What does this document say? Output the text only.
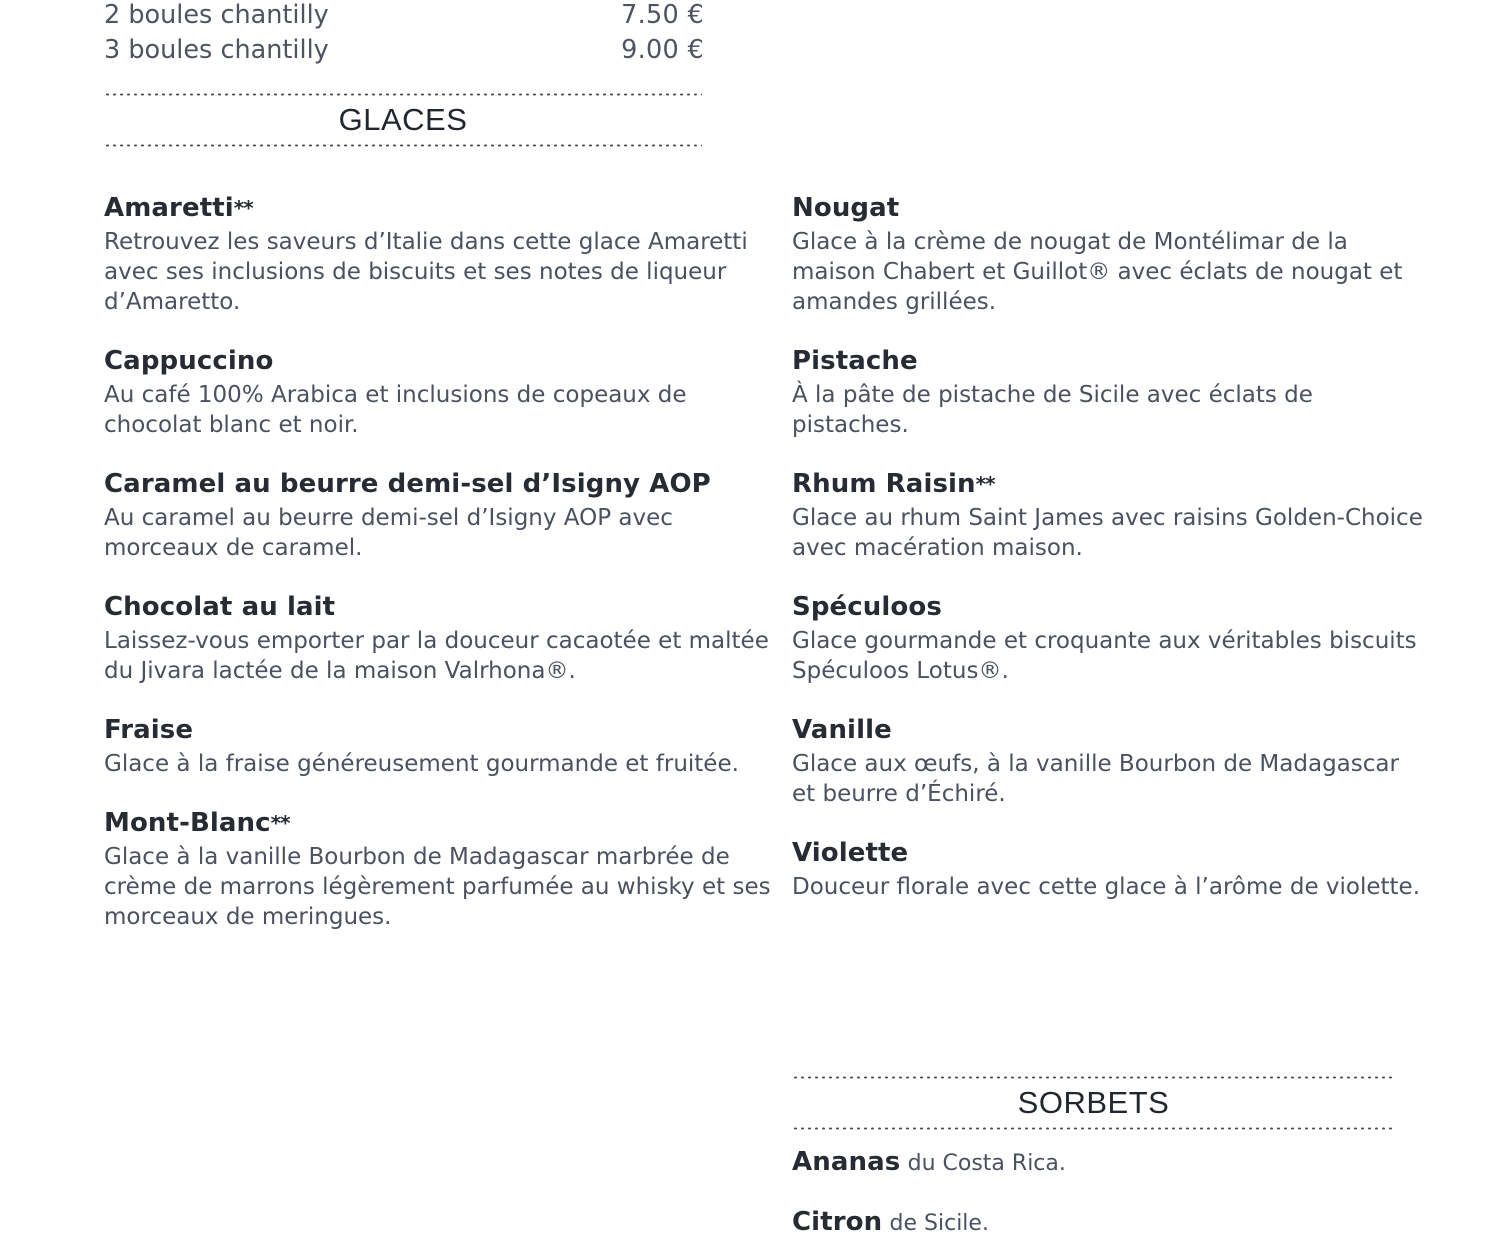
2 boules chantilly	7.50 €
3 boules chantilly	9.00 €
GLACES
Amaretti**
Retrouvez les saveurs d’Italie dans cette glace Amaretti avec ses inclusions de biscuits et ses notes de liqueur d’Amaretto.
Cappuccino
Au café 100% Arabica et inclusions de copeaux de chocolat blanc et noir.
Caramel au beurre demi-sel d’Isigny AOP
Au caramel au beurre demi-sel d’Isigny AOP avec morceaux de caramel.
Chocolat au lait
Laissez-vous emporter par la douceur cacaotée et maltée du Jivara lactée de la maison Valrhona®.
Fraise
Glace à la fraise généreusement gourmande et fruitée.
Mont-Blanc**
Glace à la vanille Bourbon de Madagascar marbrée de crème de marrons légèrement parfumée au whisky et ses morceaux de meringues.
Nougat
Glace à la crème de nougat de Montélimar de la maison Chabert et Guillot® avec éclats de nougat et amandes grillées.
Pistache
À la pâte de pistache de Sicile avec éclats de pistaches.
Rhum Raisin**
Glace au rhum Saint James avec raisins Golden-Choice avec macération maison.
Spéculoos
Glace gourmande et croquante aux véritables biscuits Spéculoos Lotus®.
Vanille
Glace aux œufs, à la vanille Bourbon de Madagascar et beurre d’Échiré.
Violette
Douceur florale avec cette glace à l’arôme de violette.
SORBETS
Ananas du Costa Rica.
Citron de Sicile.
